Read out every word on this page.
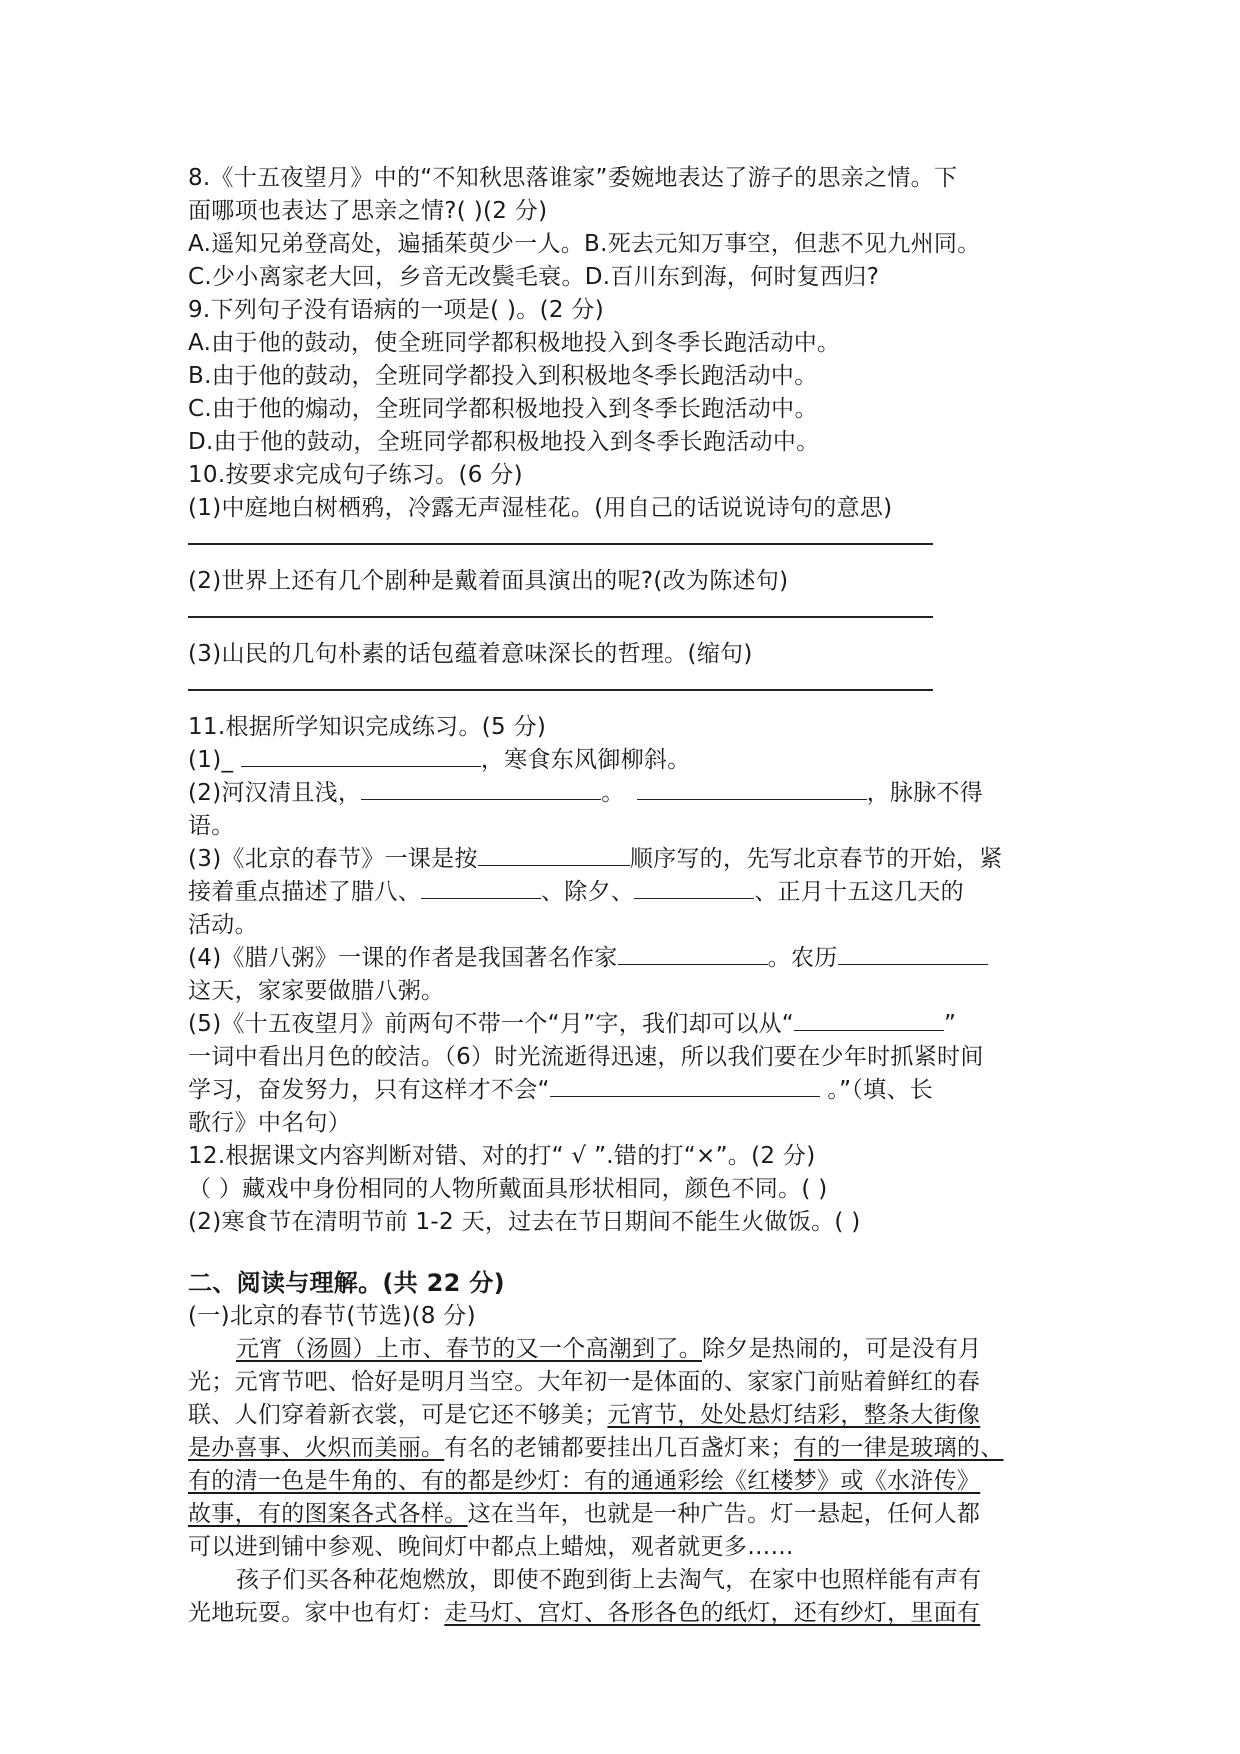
8.《十五夜望月》中的“不知秋思落谁家”委婉地表达了游子的思亲之情。下
面哪项也表达了思亲之情?( )(2 分)
A.遥知兄弟登高处，遍插茱萸少一人。B.死去元知万事空，但悲不见九州同。
C.少小离家老大回，乡音无改鬓毛衰。D.百川东到海，何时复西归?
9.下列句子没有语病的一项是( )。(2 分)
A.由于他的鼓动，使全班同学都积极地投入到冬季长跑活动中。
B.由于他的鼓动，全班同学都投入到积极地冬季长跑活动中。
C.由于他的煽动，全班同学都积极地投入到冬季长跑活动中。
D.由于他的鼓动，全班同学都积极地投入到冬季长跑活动中。
10.按要求完成句子练习。(6 分)
(1)中庭地白树栖鸦，冷露无声湿桂花。(用自己的话说说诗句的意思)
(2)世界上还有几个剧种是戴着面具演出的呢?(改为陈述句)
(3)山民的几句朴素的话包蕴着意味深长的哲理。(缩句)
11.根据所学知识完成练习。(5 分)
(1)_	，寒食东风御柳斜。
(2)河汉清且浅，	。	，脉脉不得
语。
(3)《北京的春节》一课是按	顺序写的，先写北京春节的开始，紧
接着重点描述了腊八、	、除夕、	、正月十五这几天的
活动。
(4)《腊八粥》一课的作者是我国著名作家	。农历
这天，家家要做腊八粥。
(5)《十五夜望月》前两句不带一个“月”字，我们却可以从“	”
一词中看出月色的皎洁。（6）时光流逝得迅速，所以我们要在少年时抓紧时间
学习，奋发努力，只有这样才不会“	。”（填、长
歌行》中名句）
12.根据课文内容判断对错、对的打“ √ ”.错的打“×”。(2 分)
（ ）藏戏中身份相同的人物所戴面具形状相同，颜色不同。( )
(2)寒食节在清明节前 1-2 天，过去在节日期间不能生火做饭。( )
二、阅读与理解。(共 22 分)
(一)北京的春节(节选)(8 分)
元宵（汤圆）上市、春节的又一个高潮到了。除夕是热闹的，可是没有月
光；元宵节吧、恰好是明月当空。大年初一是体面的、家家门前贴着鲜红的春
联、人们穿着新衣裳，可是它还不够美；元宵节，处处悬灯结彩，整条大街像
是办喜事、火炽而美丽。有名的老铺都要挂出几百盏灯来；有的一律是玻璃的、
有的清一色是牛角的、有的都是纱灯：有的通通彩绘《红楼梦》或《水浒传》
故事，有的图案各式各样。这在当年，也就是一种广告。灯一悬起，任何人都
可以进到铺中参观、晚间灯中都点上蜡烛，观者就更多……
孩子们买各种花炮燃放，即使不跑到街上去淘气，在家中也照样能有声有
光地玩耍。家中也有灯：走马灯、宫灯、各形各色的纸灯，还有纱灯，里面有
